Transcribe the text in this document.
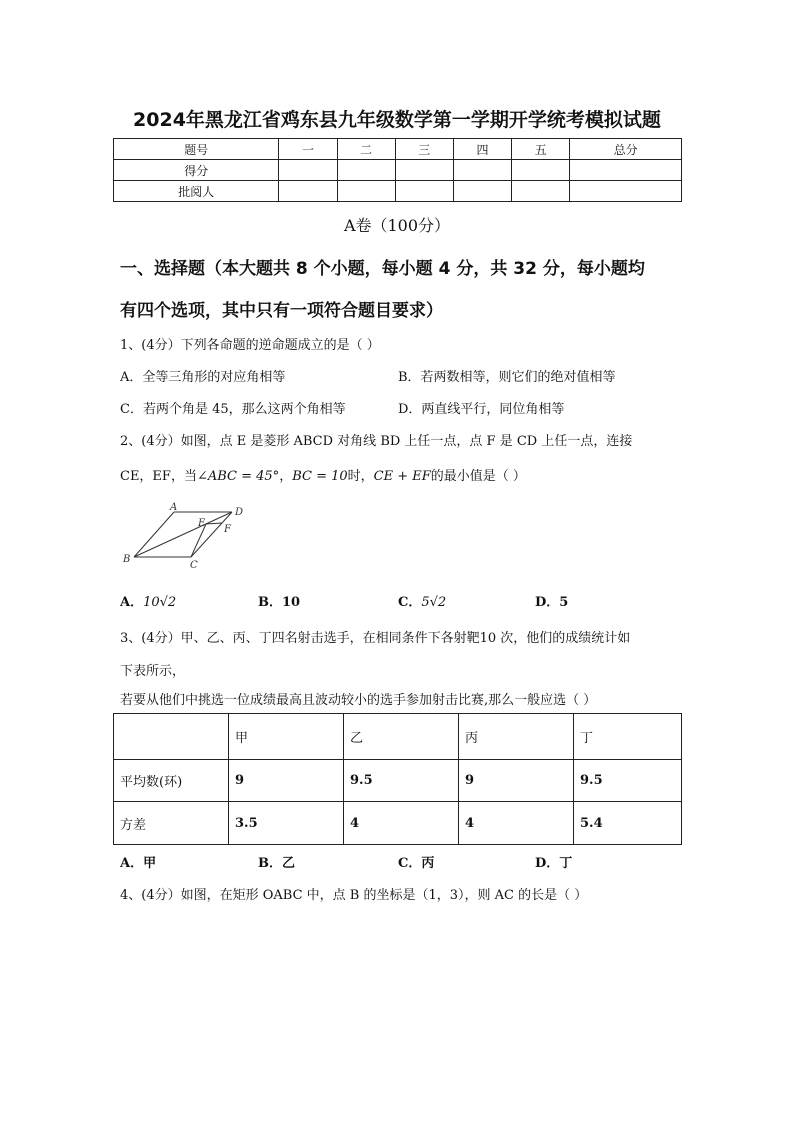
2024年黑龙江省鸡东县九年级数学第一学期开学统考模拟试题
题号	一	二	三	四	五	总分
得分						
批阅人						
A卷（100分）
一、选择题（本大题共 8 个小题，每小题 4 分，共 32 分，每小题均
有四个选项，其中只有一项符合题目要求）
1、(4分）下列各命题的逆命题成立的是（ ）
A．全等三角形的对应角相等	B．若两数相等，则它们的绝对值相等
C．若两个角是 45，那么这两个角相等	D．两直线平行，同位角相等
2、(4分）如图，点 E 是菱形 ABCD 对角线 BD 上任一点，点 F 是 CD 上任一点，连接
CE，EF，当∠ABC = 45°，BC = 10时，CE + EF的最小值是（ ）
A	D
E
F
B
C
A．10√2	B．10	C．5√2	D．5
3、(4分）甲、乙、丙、丁四名射击选手，在相同条件下各射靶10 次，他们的成绩统计如
下表所示，
若要从他们中挑选一位成绩最高且波动较小的选手参加射击比赛,那么一般应选（ ）
	甲	乙	丙	丁
平均数(环)	9	9.5	9	9.5
方差	3.5	4	4	5.4
A．甲	B．乙	C．丙	D．丁
4、(4分）如图，在矩形 OABC 中，点 B 的坐标是（1，3），则 AC 的长是（ ）
